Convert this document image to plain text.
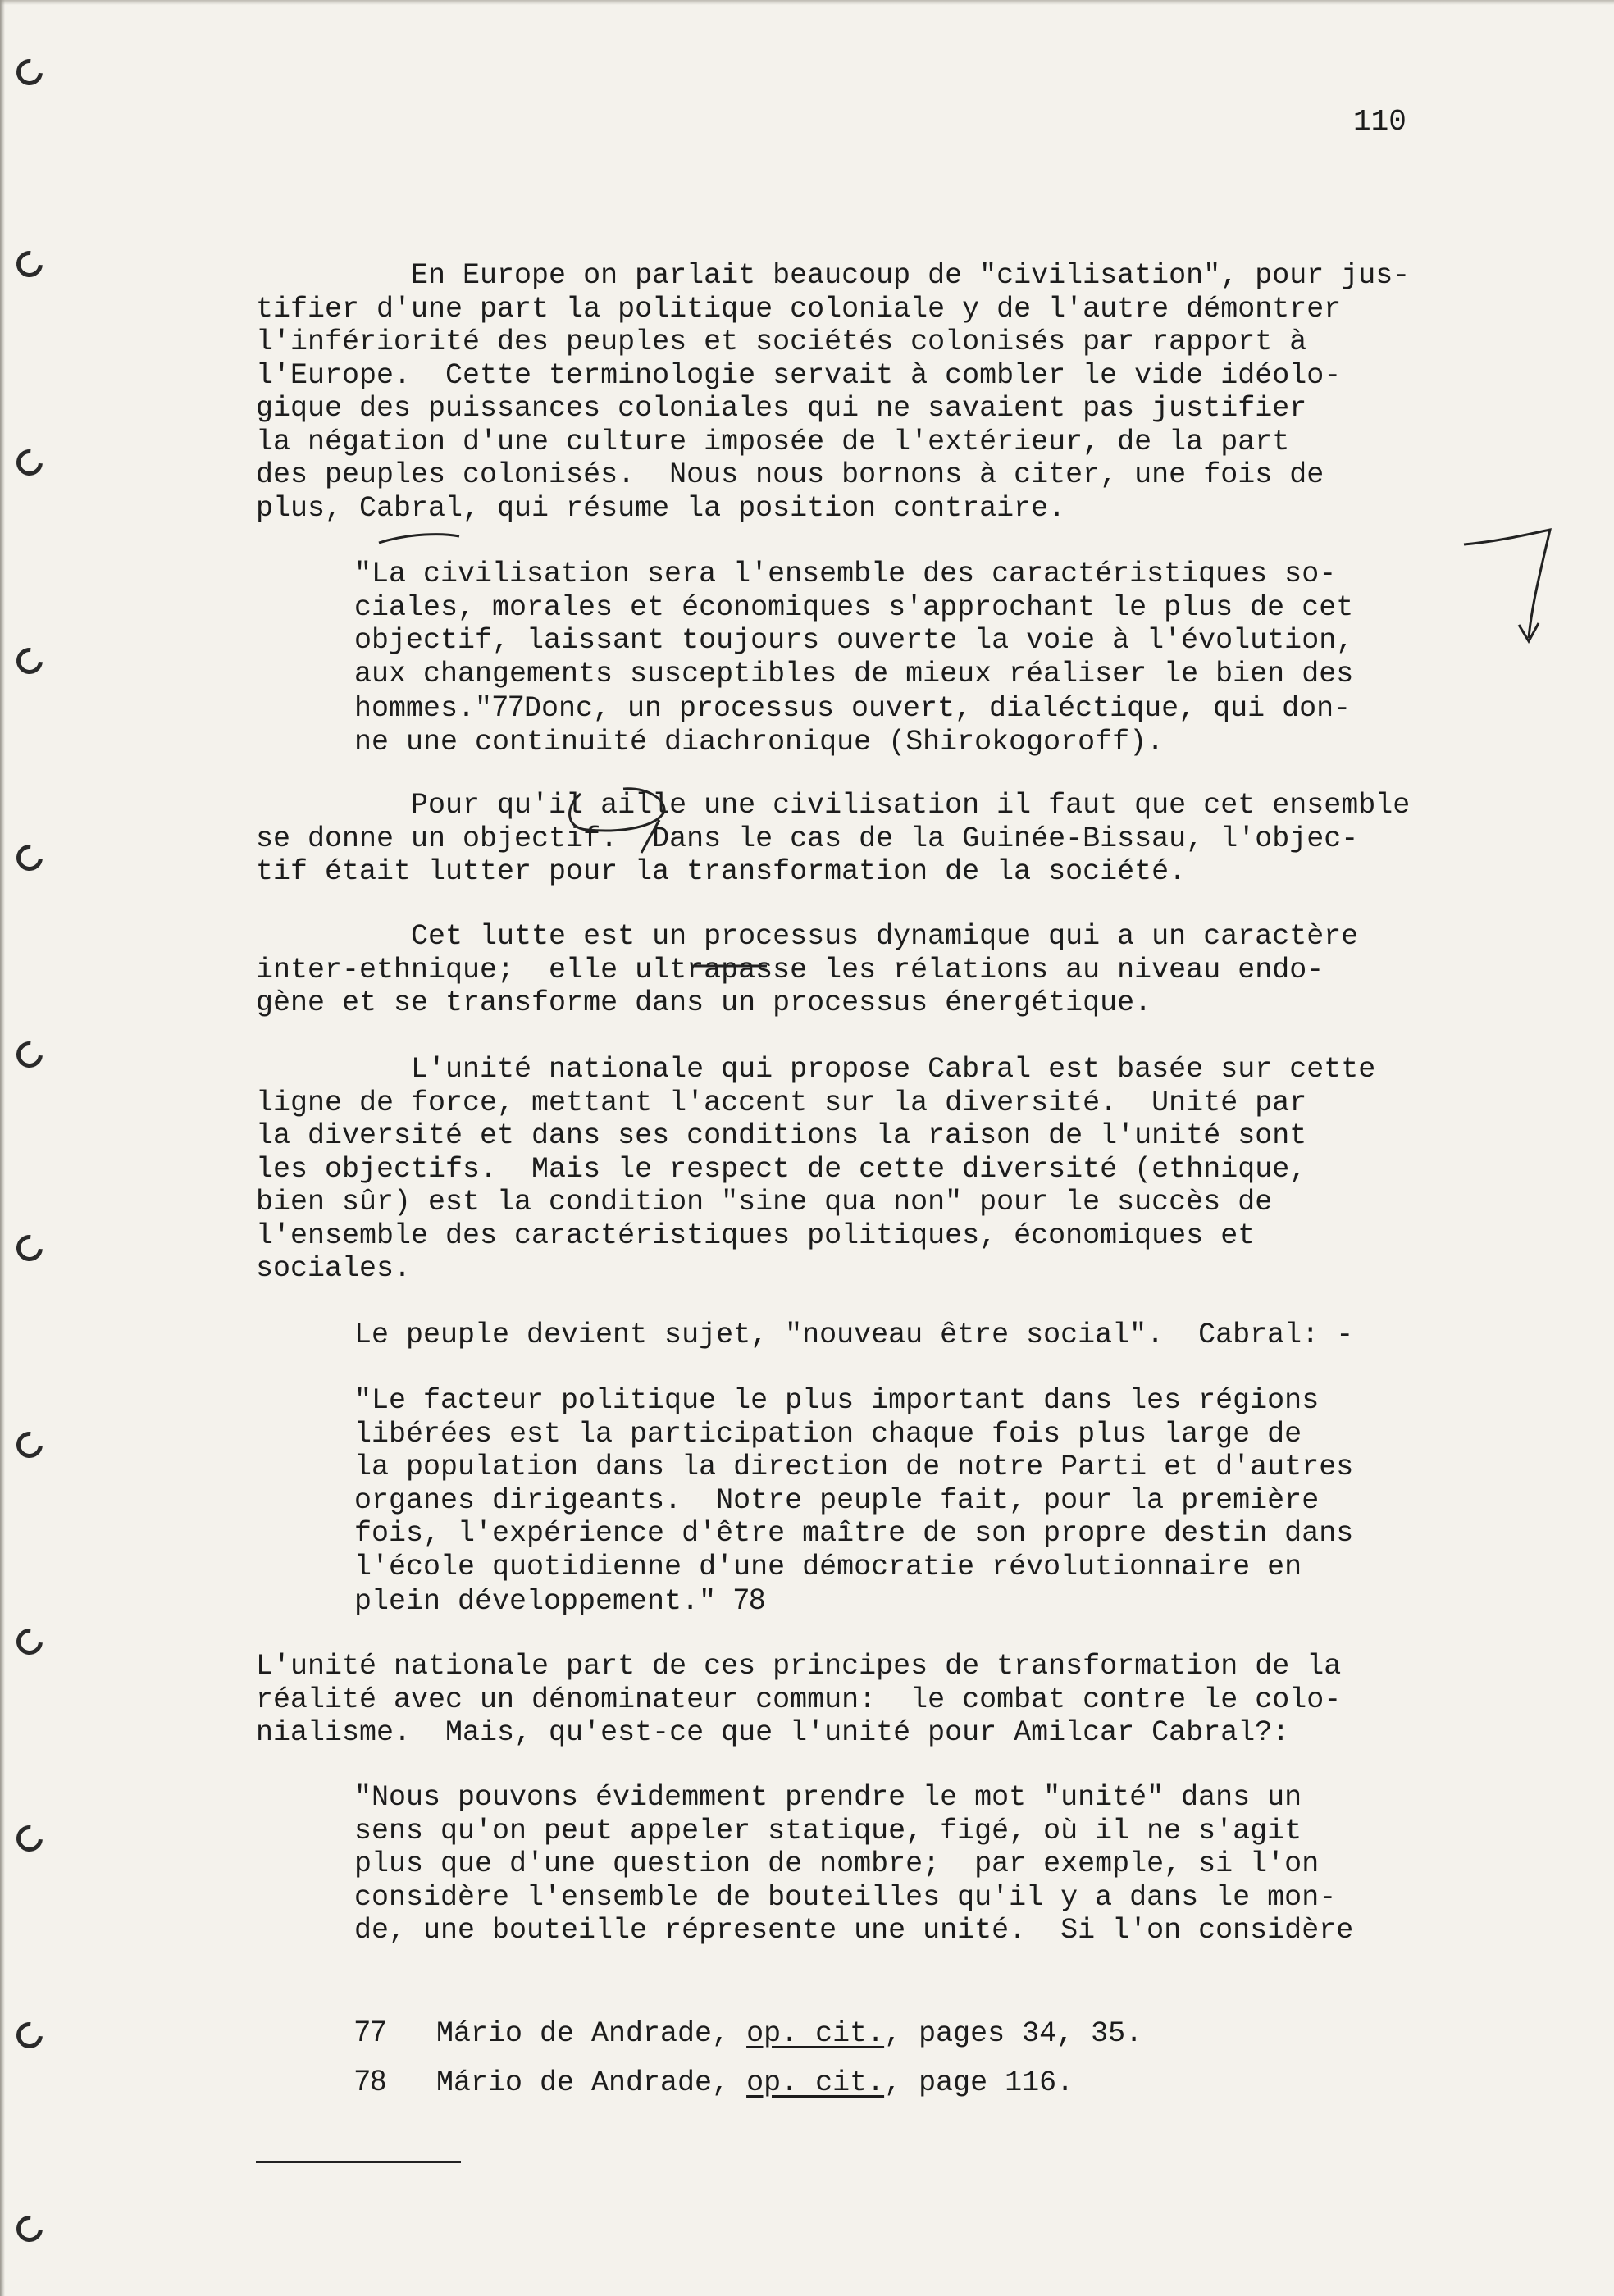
110
En Europe on parlait beaucoup de "civilisation", pour jus-
tifier d'une part la politique coloniale y de l'autre démontrer
l'infériorité des peuples et sociétés colonisés par rapport à
l'Europe.  Cette terminologie servait à combler le vide idéolo-
gique des puissances coloniales qui ne savaient pas justifier
la négation d'une culture imposée de l'extérieur, de la part
des peuples colonisés.  Nous nous bornons à citer, une fois de
plus, Cabral, qui résume la position contraire.
"La civilisation sera l'ensemble des caractéristiques so-
ciales, morales et économiques s'approchant le plus de cet
objectif, laissant toujours ouverte la voie à l'évolution,
aux changements susceptibles de mieux réaliser le bien des
hommes."77Donc, un processus ouvert, dialéctique, qui don-
ne une continuité diachronique (Shirokogoroff).
Pour qu'il aille une civilisation il faut que cet ensemble
se donne un objectif.  Dans le cas de la Guinée-Bissau, l'objec-
tif était lutter pour la transformation de la société.
Cet lutte est un processus dynamique qui a un caractère
inter-ethnique;  elle ultrapasse les rélations au niveau endo-
gène et se transforme dans un processus énergétique.
L'unité nationale qui propose Cabral est basée sur cette
ligne de force, mettant l'accent sur la diversité.  Unité par
la diversité et dans ses conditions la raison de l'unité sont
les objectifs.  Mais le respect de cette diversité (ethnique,
bien sûr) est la condition "sine qua non" pour le succès de
l'ensemble des caractéristiques politiques, économiques et
sociales.
Le peuple devient sujet, "nouveau être social".  Cabral: -
"Le facteur politique le plus important dans les régions
libérées est la participation chaque fois plus large de
la population dans la direction de notre Parti et d'autres
organes dirigeants.  Notre peuple fait, pour la première
fois, l'expérience d'être maître de son propre destin dans
l'école quotidienne d'une démocratie révolutionnaire en
plein développement." 78
L'unité nationale part de ces principes de transformation de la
réalité avec un dénominateur commun:  le combat contre le colo-
nialisme.  Mais, qu'est-ce que l'unité pour Amilcar Cabral?:
"Nous pouvons évidemment prendre le mot "unité" dans un
sens qu'on peut appeler statique, figé, où il ne s'agit
plus que d'une question de nombre;  par exemple, si l'on
considère l'ensemble de bouteilles qu'il y a dans le mon-
de, une bouteille répresente une unité.  Si l'on considère
77 Mário de Andrade, op. cit., pages 34, 35.
78 Mário de Andrade, op. cit., page 116.
